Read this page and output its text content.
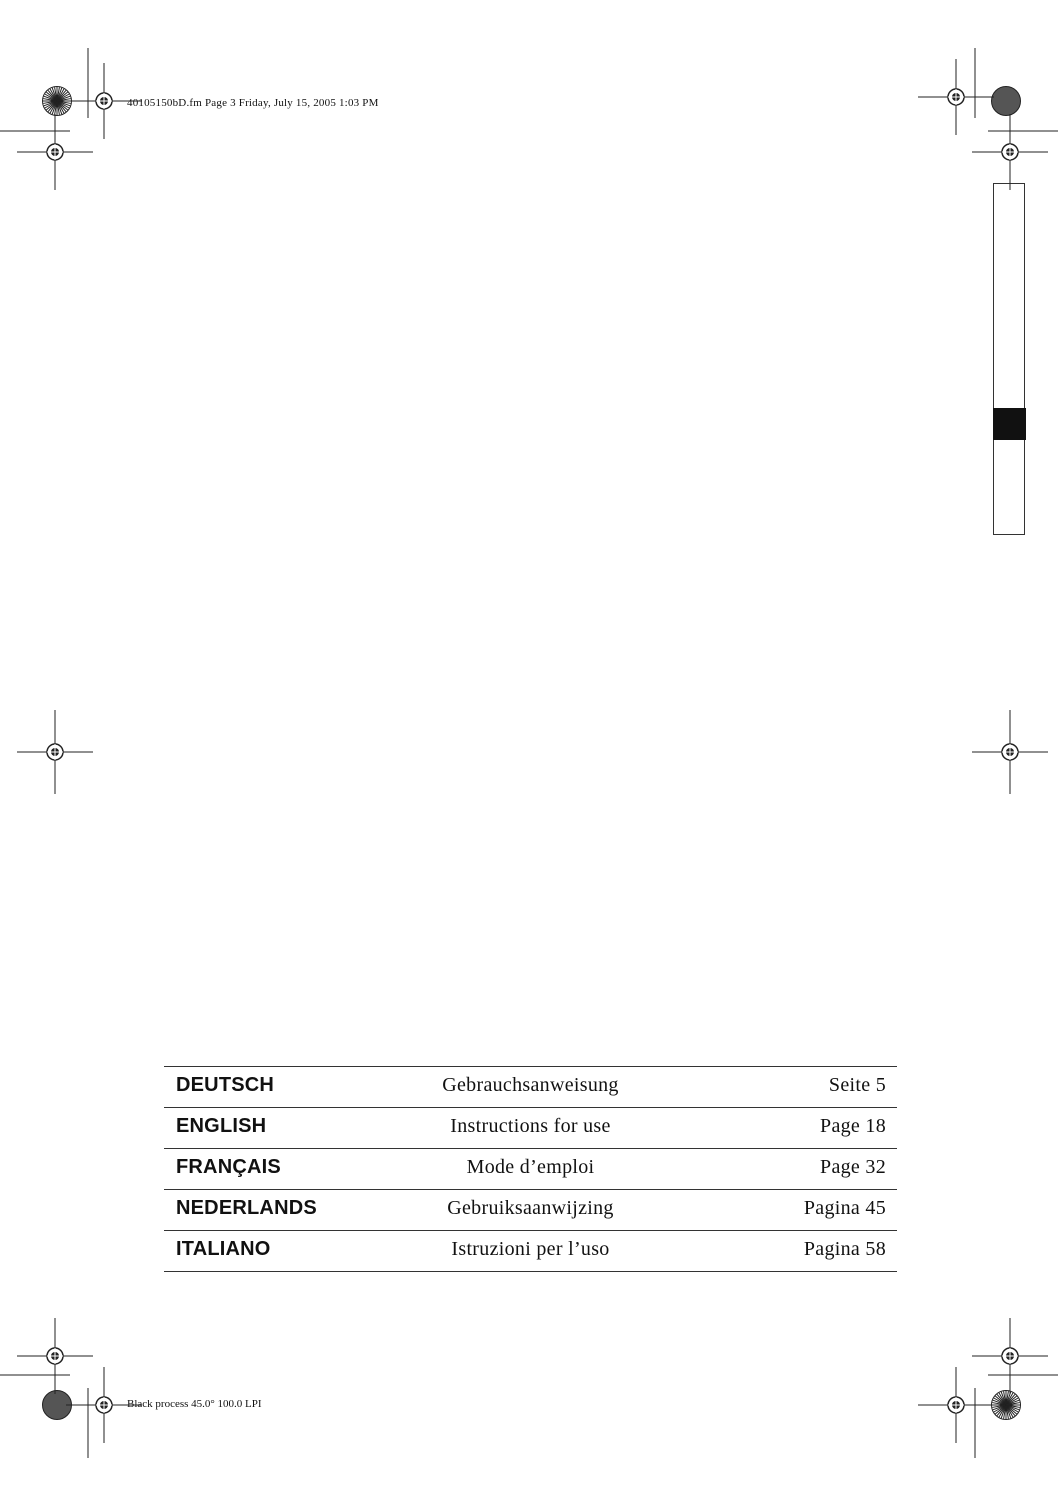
40105150bD.fm Page 3 Friday, July 15, 2005 1:03 PM
Black process 45.0° 100.0 LPI
DEUTSCH	Gebrauchsanweisung	Seite 5
ENGLISH	Instructions for use	Page 18
FRANÇAIS	Mode d’emploi	Page 32
NEDERLANDS	Gebruiksaanwijzing	Pagina 45
ITALIANO	Istruzioni per l’uso	Pagina 58
